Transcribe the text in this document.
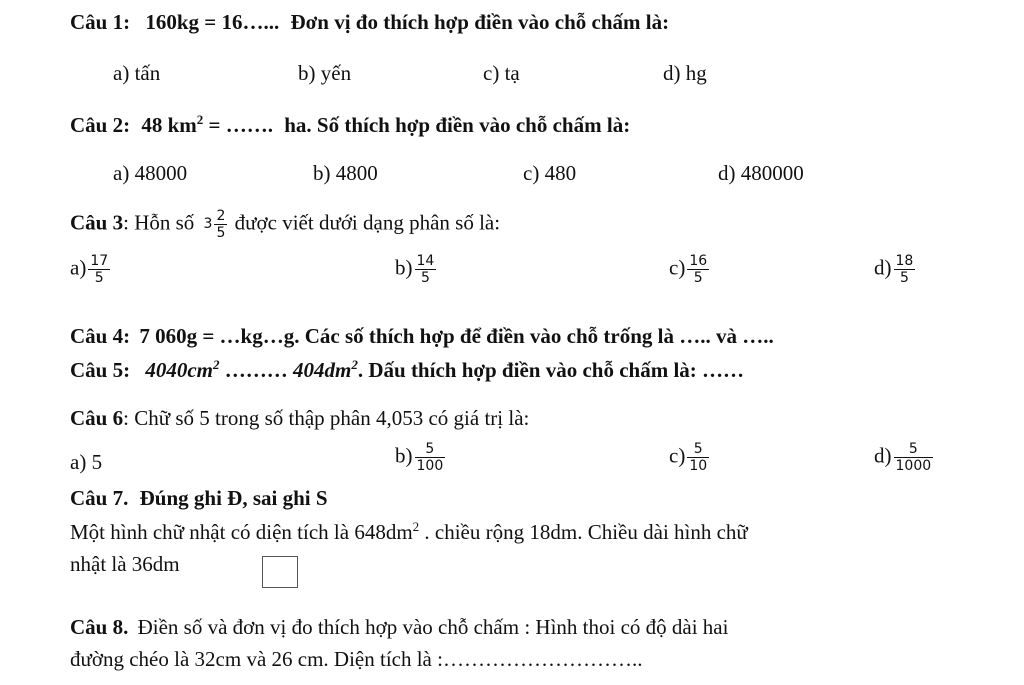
Câu 1: 160kg = 16…... Đơn vị đo thích hợp điền vào chỗ chấm là:
a) tấn	b) yến	c) tạ	d) hg
Câu 2: 48 $km^2$ = ……. ha. Số thích hợp điền vào chỗ chấm là:
a) 48000	b) 4800	c) 480	d) 480000
Câu 3: Hỗn số $3 \frac{2}{5}$ được viết dưới dạng phân số là:
$a) \frac{17}{5}$	$b) \frac{14}{5}$	$c) \frac{16}{5}$	$d) \frac{18}{5}$
Câu 4: 7 060g = …kg…g. Các số thích hợp để điền vào chỗ trống là ….. và …..
Câu 5: $4040cm^2$ ……… $404dm^2$. Dấu thích hợp điền vào chỗ chấm là: ……
Câu 6: Chữ số 5 trong số thập phân 4,053 có giá trị là:
a) 5	$b) \frac{5}{100}$	$c) \frac{5}{10}$	$d) \frac{5}{1000}$
Câu 7. Đúng ghi Đ, sai ghi S
Một hình chữ nhật có diện tích là $648dm^2$ . chiều rộng 18dm. Chiều dài hình chữ
nhật là 36dm
Câu 8. Điền số và đơn vị đo thích hợp vào chỗ chấm : Hình thoi có độ dài hai
đường chéo là 32cm và 26 cm. Diện tích là :………………………..
